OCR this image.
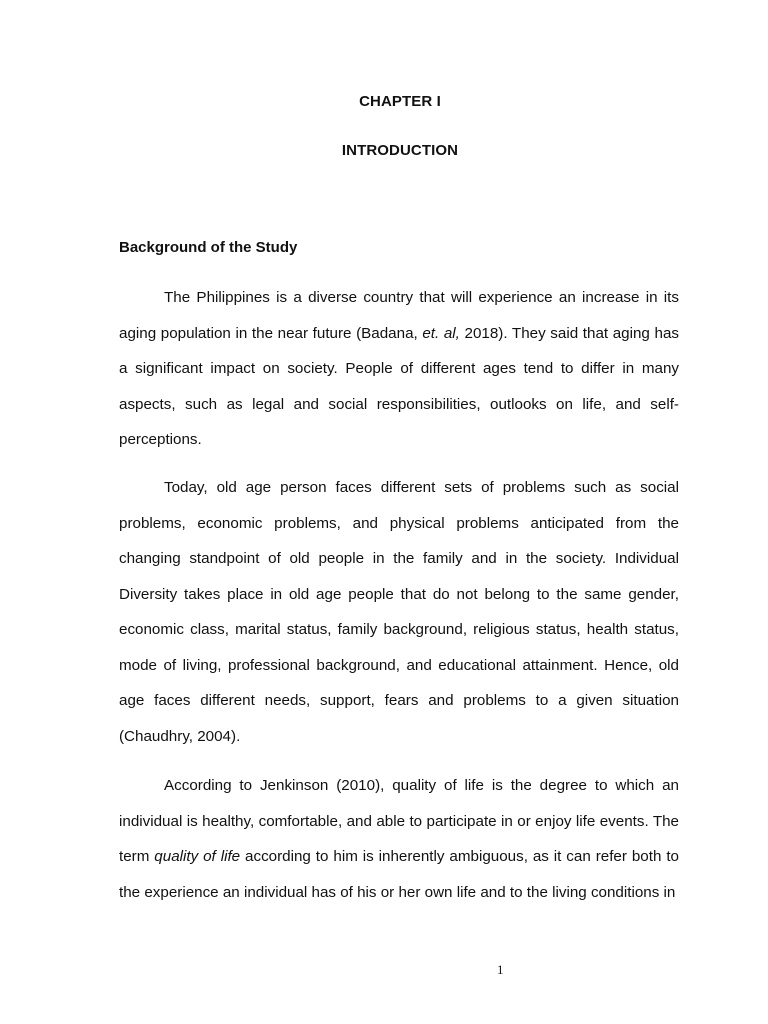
CHAPTER I
INTRODUCTION
Background of the Study

The Philippines is a diverse country that will experience an increase in its aging population in the near future (Badana, et. al, 2018). They said that aging has a significant impact on society. People of different ages tend to differ in many aspects, such as legal and social responsibilities, outlooks on life, and self-perceptions.

Today, old age person faces different sets of problems such as social problems, economic problems, and physical problems anticipated from the changing standpoint of old people in the family and in the society. Individual Diversity takes place in old age people that do not belong to the same gender, economic class, marital status, family background, religious status, health status, mode of living, professional background, and educational attainment. Hence, old age faces different needs, support, fears and problems to a given situation (Chaudhry, 2004).

According to Jenkinson (2010), quality of life is the degree to which an individual is healthy, comfortable, and able to participate in or enjoy life events. The term quality of life according to him is inherently ambiguous, as it can refer both to the experience an individual has of his or her own life and to the living conditions in

1
